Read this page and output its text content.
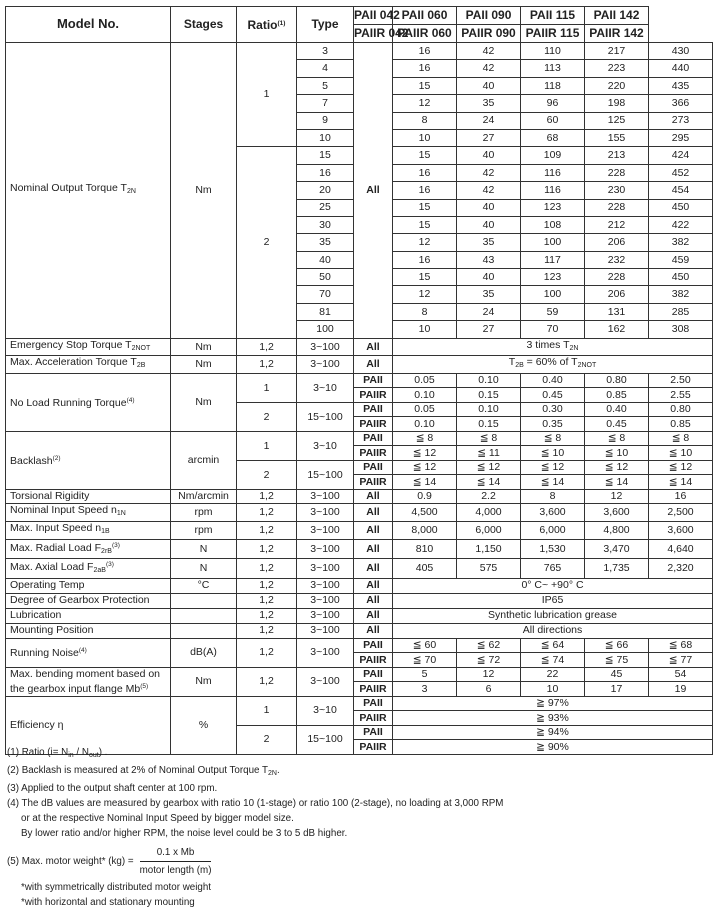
Model No.	Stages	Ratio$^{(1)}$	Type	PAII 042	PAII 060	PAII 090	PAII 115	PAII 142	
				PAIIR 042	PAIIR 060	PAIIR 090	PAIIR 115	PAIIR 142	
Nominal Output Torque $T_{2N}$	Nm	1	3	All	16	42	110	217	430
			4		16	42	113	223	440
			5		15	40	118	220	435
			7		12	35	96	198	366
			9		8	24	60	125	273
			10		10	27	68	155	295
		2	15		15	40	109	213	424
			16		16	42	116	228	452
			20		16	42	116	230	454
			25		15	40	123	228	450
			30		15	40	108	212	422
			35		12	35	100	206	382
			40		16	43	117	232	459
			50		15	40	123	228	450
			70		12	35	100	206	382
			81		8	24	59	131	285
			100		10	27	70	162	308
Emergency Stop Torque $T_{2NOT}$	Nm	1,2	3~100	All	3 times $T_{2N}$
Max. Acceleration Torque $T_{2B}$	Nm	1,2	3~100	All	$T_{2B} = 60\%$ of $T_{2NOT}$
No Load Running Torque$^{(4)}$	Nm	1	3~10	PAII	0.05	0.10	0.40	0.80	2.50
				PAIIR	0.10	0.15	0.45	0.85	2.55
		2	15~100	PAII	0.05	0.10	0.30	0.40	0.80
				PAIIR	0.10	0.15	0.35	0.45	0.85
Backlash$^{(2)}$	arcmin	1	3~10	PAII	≦ 8	≦ 8	≦ 8	≦ 8	≦ 8
				PAIIR	≦ 12	≦ 11	≦ 10	≦ 10	≦ 10
		2	15~100	PAII	≦ 12	≦ 12	≦ 12	≦ 12	≦ 12
				PAIIR	≦ 14	≦ 14	≦ 14	≦ 14	≦ 14
Torsional Rigidity	Nm/arcmin	1,2	3~100	All	0.9	2.2	8	12	16
Nominal Input Speed $n_{1N}$	rpm	1,2	3~100	All	4,500	4,000	3,600	3,600	2,500
Max. Input Speed $n_{1B}$	rpm	1,2	3~100	All	8,000	6,000	6,000	4,800	3,600
Max. Radial Load $F_{2rB}^{(3)}$	N	1,2	3~100	All	810	1,150	1,530	3,470	4,640
Max. Axial Load $F_{2aB}^{(3)}$	N	1,2	3~100	All	405	575	765	1,735	2,320
Operating Temp	°C	1,2	3~100	All	0° C~ +90° C				
Degree of Gearbox Protection		1,2	3~100	All	IP65				
Lubrication		1,2	3~100	All	Synthetic lubrication grease				
Mounting Position		1,2	3~100	All	All directions				
Running Noise$^{(4)}$	dB(A)	1,2	3~100	PAII	≦ 60	≦ 62	≦ 64	≦ 66	≦ 68
				PAIIR	≦ 70	≦ 72	≦ 74	≦ 75	≦ 77
Max. bending moment based on
the gearbox input flange Mb$^{(5)}$	Nm	1,2	3~100	PAII	5	12	22	45	54
				PAIIR	3	6	10	17	19
Efficiency η	%	1	3~10	PAII	≧ 97%				
				PAIIR	≧ 93%				
		2	15~100	PAII	≧ 94%				
				PAIIR	≧ 90%				
(1) Ratio $(i= N_{in} / N_{out})$ .
(2) Backlash is measured at 2% of Nominal Output Torque $T_{2N}$.
(3) Applied to the output shaft center at 100 rpm.
(4) The dB values are measured by gearbox with ratio 10 (1-stage) or ratio 100 (2-stage), no loading at 3,000 RPM
or at the respective Nominal Input Speed by bigger model size.
By lower ratio and/or higher RPM, the noise level could be 3 to 5 dB higher.
(5) Max. motor weight* $(kg) = \frac{\text{0.1 x Mb}}{\text{motor length (m)}}$
*with symmetrically distributed motor weight
*with horizontal and stationary mounting
